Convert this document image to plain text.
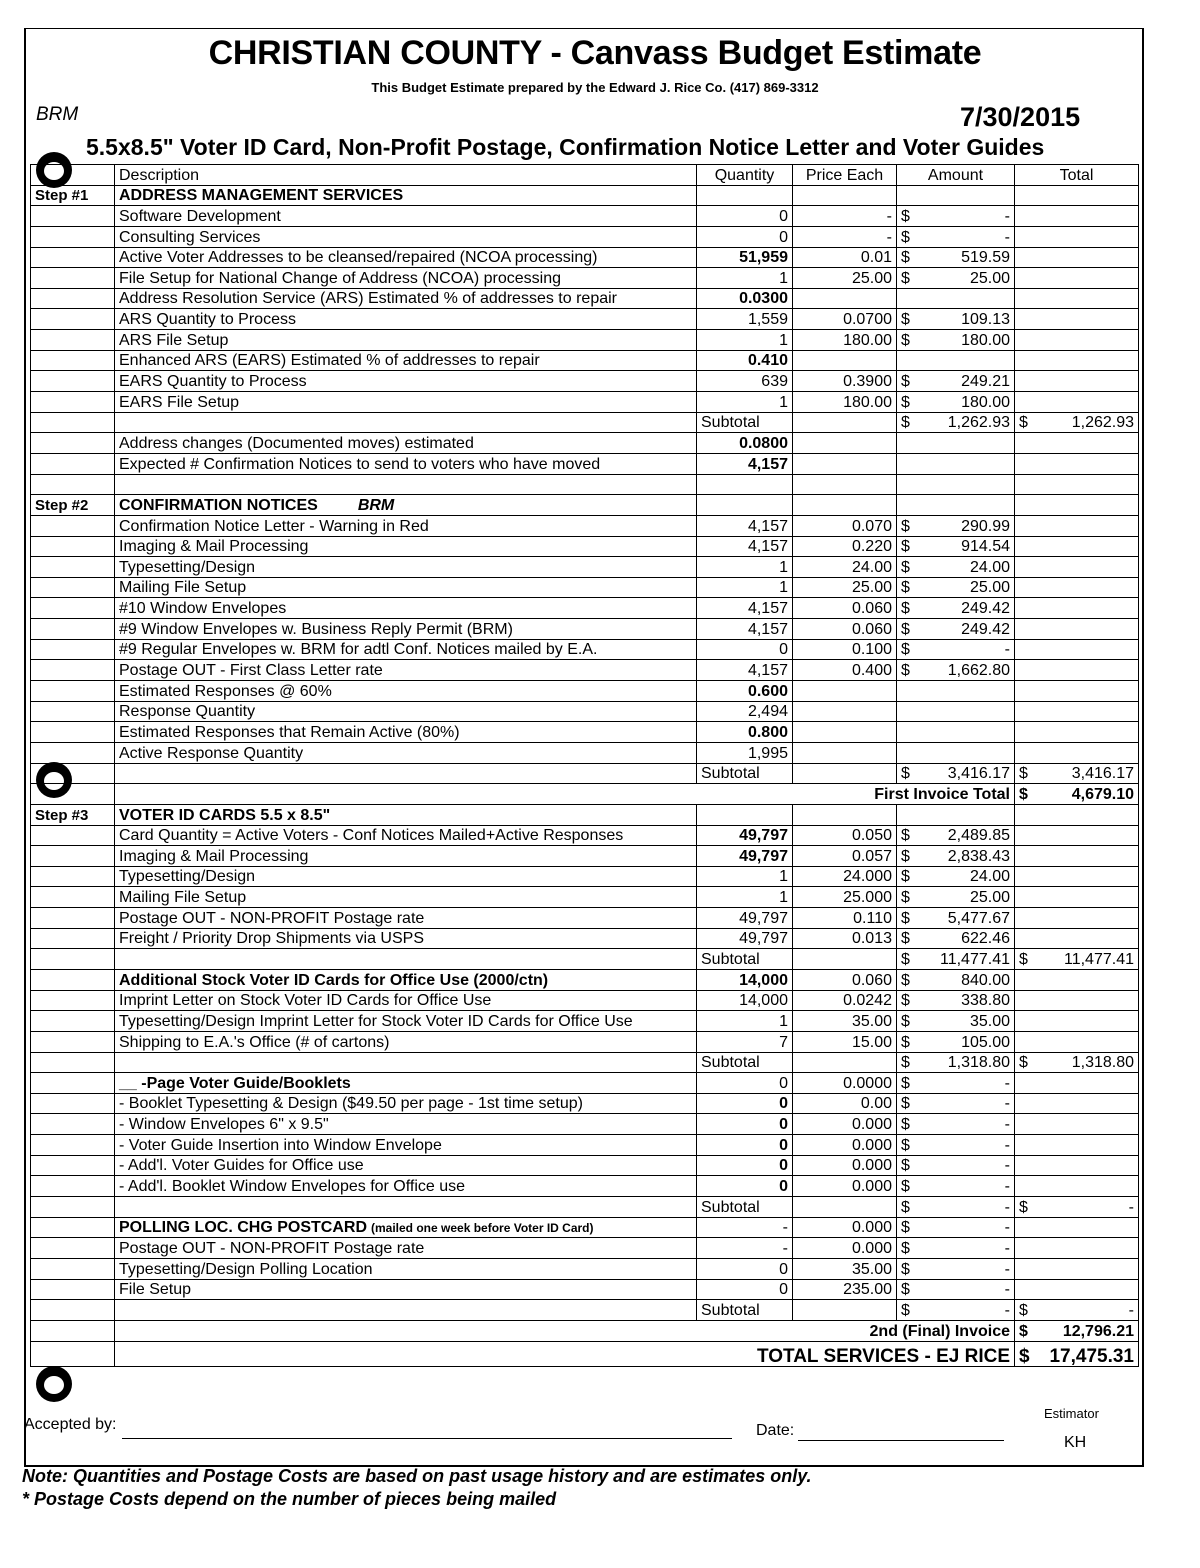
CHRISTIAN COUNTY - Canvass Budget Estimate
This Budget Estimate prepared by the Edward J. Rice Co. (417) 869-3312
BRM	7/30/2015
5.5x8.5" Voter ID Card, Non-Profit Postage, Confirmation Notice Letter and Voter Guides
	Description	Quantity	Price Each	Amount	Total
Step #1	ADDRESS MANAGEMENT SERVICES				
	Software Development	0	-	$ -	
	Consulting Services	0	-	$ -	
	Active Voter Addresses to be cleansed/repaired (NCOA processing)	51,959	0.01	$ 519.59	
	File Setup for National Change of Address (NCOA) processing	1	25.00	$ 25.00	
	Address Resolution Service (ARS) Estimated % of addresses to repair	0.0300			
	ARS Quantity to Process	1,559	0.0700	$ 109.13	
	ARS File Setup	1	180.00	$ 180.00	
	Enhanced ARS (EARS) Estimated % of addresses to repair	0.410			
	EARS Quantity to Process	639	0.3900	$ 249.21	
	EARS File Setup	1	180.00	$ 180.00	
		Subtotal		$ 1,262.93	$ 1,262.93
	Address changes (Documented moves) estimated	0.0800			
	Expected # Confirmation Notices to send to voters who have moved	4,157			

Step #2	CONFIRMATION NOTICES BRM				
	Confirmation Notice Letter - Warning in Red	4,157	0.070	$ 290.99	
	Imaging & Mail Processing	4,157	0.220	$ 914.54	
	Typesetting/Design	1	24.00	$ 24.00	
	Mailing File Setup	1	25.00	$ 25.00	
	#10 Window Envelopes	4,157	0.060	$ 249.42	
	#9 Window Envelopes w. Business Reply Permit (BRM)	4,157	0.060	$ 249.42	
	#9 Regular Envelopes w. BRM for adtl Conf. Notices mailed by E.A.	0	0.100	$ -	
	Postage OUT - First Class Letter rate	4,157	0.400	$ 1,662.80	
	Estimated Responses @ 60%	0.600			
	Response Quantity	2,494			
	Estimated Responses that Remain Active (80%)	0.800			
	Active Response Quantity	1,995			
		Subtotal		$ 3,416.17	$ 3,416.17
	First Invoice Total				$ 4,679.10
Step #3	VOTER ID CARDS 5.5 x 8.5"				
	Card Quantity = Active Voters - Conf Notices Mailed+Active Responses	49,797	0.050	$ 2,489.85	
	Imaging & Mail Processing	49,797	0.057	$ 2,838.43	
	Typesetting/Design	1	24.000	$ 24.00	
	Mailing File Setup	1	25.000	$ 25.00	
	Postage OUT - NON-PROFIT Postage rate	49,797	0.110	$ 5,477.67	
	Freight / Priority Drop Shipments via USPS	49,797	0.013	$ 622.46	
		Subtotal		$ 11,477.41	$ 11,477.41
	Additional Stock Voter ID Cards for Office Use (2000/ctn)	14,000	0.060	$ 840.00	
	Imprint Letter on Stock Voter ID Cards for Office Use	14,000	0.0242	$ 338.80	
	Typesetting/Design Imprint Letter for Stock Voter ID Cards for Office Use	1	35.00	$ 35.00	
	Shipping to E.A.'s Office (# of cartons)	7	15.00	$ 105.00	
		Subtotal		$ 1,318.80	$ 1,318.80
	__ -Page Voter Guide/Booklets	0	0.0000	$ -	
	- Booklet Typesetting & Design ($49.50 per page - 1st time setup)	0	0.00	$ -	
	- Window Envelopes 6" x 9.5"	0	0.000	$ -	
	- Voter Guide Insertion into Window Envelope	0	0.000	$ -	
	- Add'l. Voter Guides for Office use	0	0.000	$ -	
	- Add'l. Booklet Window Envelopes for Office use	0	0.000	$ -	
		Subtotal		$ -	$ -
	POLLING LOC. CHG POSTCARD (mailed one week before Voter ID Card)	-	0.000	$ -	
	Postage OUT - NON-PROFIT Postage rate	-	0.000	$ -	
	Typesetting/Design Polling Location	0	35.00	$ -	
	File Setup	0	235.00	$ -	
		Subtotal		$ -	$ -
	2nd (Final) Invoice				$ 12,796.21
	TOTAL SERVICES - EJ RICE				$ 17,475.31
Accepted by:	Date:
Estimator
KH
Note: Quantities and Postage Costs are based on past usage history and are estimates only.
* Postage Costs depend on the number of pieces being mailed
